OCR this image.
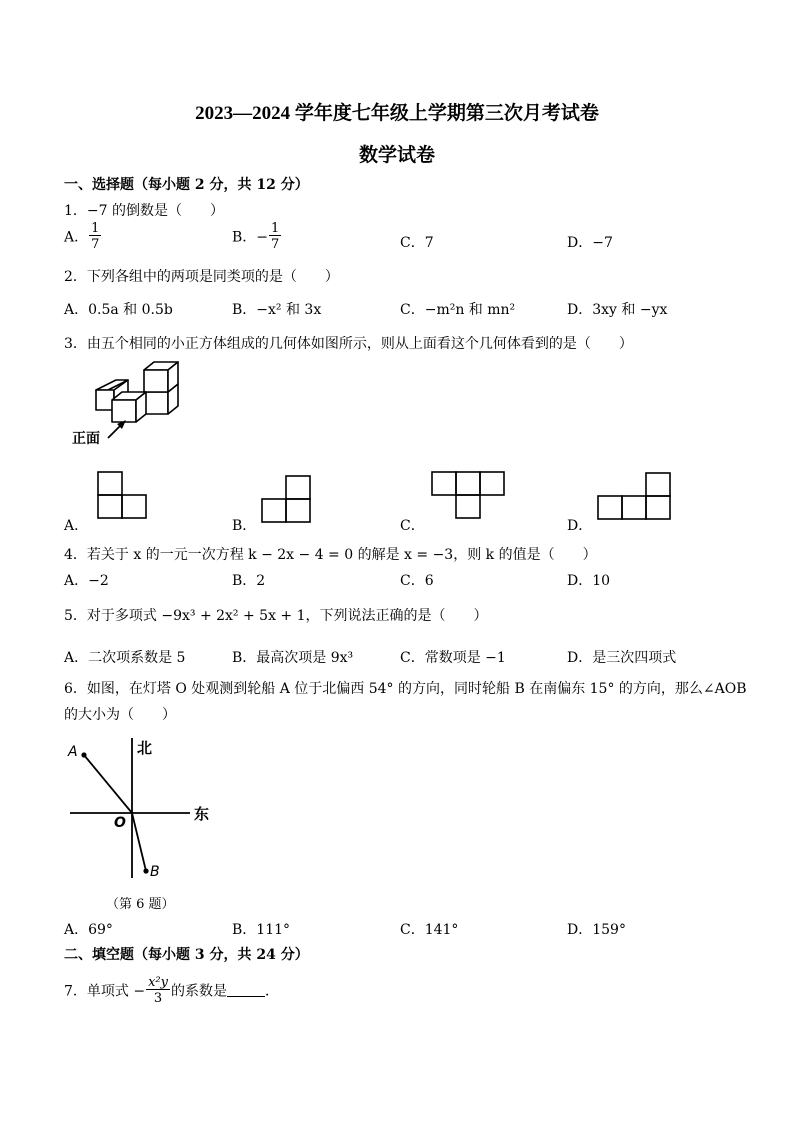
2023—2024 学年度七年级上学期第三次月考试卷
数学试卷
一、选择题（每小题 2 分，共 12 分）
1．−7 的倒数是（　　）
A． $\frac{1}{7}$	B．− $\frac{1}{7}$	C．7	D．−7
2．下列各组中的两项是同类项的是（　　）
A．0.5a 和 0.5b	B．−x² 和 3x	C．−m²n 和 mn²	D．3xy 和 −yx
3．由五个相同的小正方体组成的几何体如图所示，则从上面看这个几何体看到的是（　　）
正面
A．	B．	C．	D．
4．若关于 x 的一元一次方程 k − 2x − 4 = 0 的解是 x = −3，则 k 的值是（　　）
A．−2	B．2	C．6	D．10
5．对于多项式 −9x³ + 2x² + 5x + 1，下列说法正确的是（　　）
A．二次项系数是 5	B．最高次项是 9x³	C．常数项是 −1	D．是三次四项式
6．如图，在灯塔 O 处观测到轮船 A 位于北偏西 54° 的方向，同时轮船 B 在南偏东 15° 的方向，那么∠AOB
的大小为（　　）
A	北
东
O
B
（第 6 题）
A．69°	B．111°	C．141°	D．159°
二、填空题（每小题 3 分，共 24 分）
7．单项式 − $\frac{\text{x²y}}{3}$ 的系数是	．
